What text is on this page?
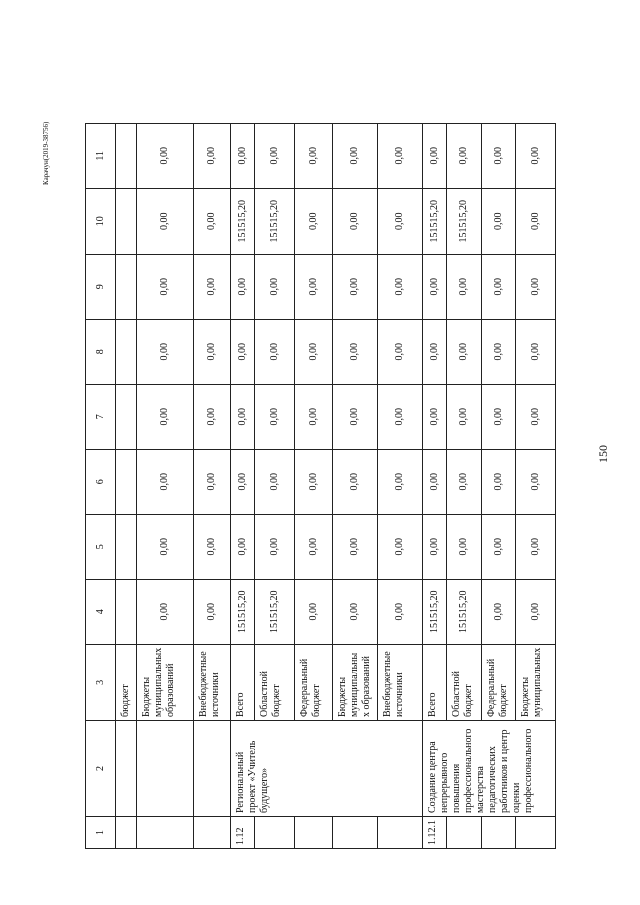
150
1	2	3	4	5	6	7	8	9	10	11
		бюджет								
		Бюджеты муниципальных образований	0,00	0,00	0,00	0,00	0,00	0,00	0,00	0,00
		Внебюджетные источники	0,00	0,00	0,00	0,00	0,00	0,00	0,00	0,00
1.12	Региональный проект «Учитель будущего»	Всего	151515,20	0,00	0,00	0,00	0,00	0,00	151515,20	0,00
		Областной бюджет	151515,20	0,00	0,00	0,00	0,00	0,00	151515,20	0,00
		Федеральный бюджет	0,00	0,00	0,00	0,00	0,00	0,00	0,00	0,00
		Бюджеты муниципальны х образований	0,00	0,00	0,00	0,00	0,00	0,00	0,00	0,00
		Внебюджетные источники	0,00	0,00	0,00	0,00	0,00	0,00	0,00	0,00
1.12.1	Создание центра непрерывного повышения профессионального мастерства педагогических работников и центр оценки профессионального	Всего	151515,20	0,00	0,00	0,00	0,00	0,00	151515,20	0,00
		Областной бюджет	151515,20	0,00	0,00	0,00	0,00	0,00	151515,20	0,00
		Федеральный бюджет	0,00	0,00	0,00	0,00	0,00	0,00	0,00	0,00
		Бюджеты муниципальных	0,00	0,00	0,00	0,00	0,00	0,00	0,00	0,00
Карачун(2019-38756)
